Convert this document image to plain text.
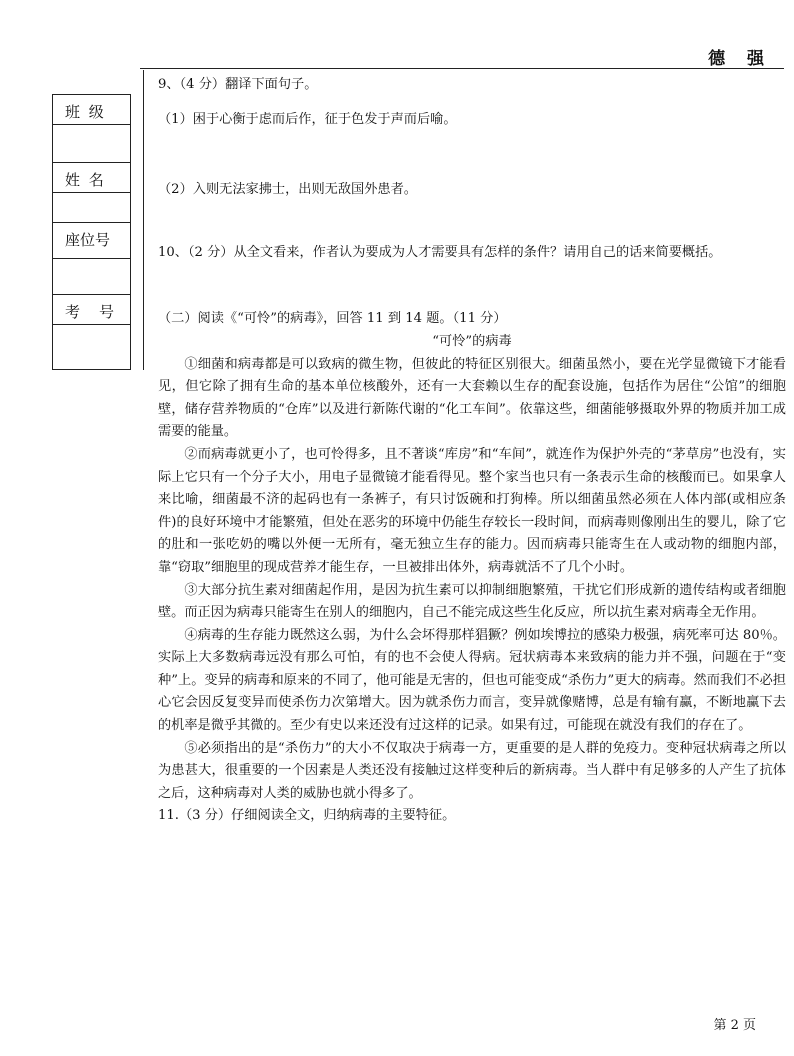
德 强
班 级
姓 名
座位号
考　号

9、（4 分）翻译下面句子。

（1）困于心衡于虑而后作，征于色发于声而后喻。

（2）入则无法家拂士，出则无敌国外患者。

10、（2 分）从全文看来，作者认为要成为人才需要具有怎样的条件？请用自己的话来简要概括。

（二）阅读《“可怜”的病毒》，回答 11 到 14 题。（11 分）

“可怜”的病毒

①细菌和病毒都是可以致病的微生物，但彼此的特征区别很大。细菌虽然小，要在光学显微镜下才能看见，但它除了拥有生命的基本单位核酸外，还有一大套赖以生存的配套设施，包括作为居住“公馆”的细胞壁，储存营养物质的“仓库”以及进行新陈代谢的“化工车间”。依靠这些，细菌能够摄取外界的物质并加工成需要的能量。

②而病毒就更小了，也可怜得多，且不著谈“库房”和“车间”，就连作为保护外壳的“茅草房”也没有，实际上它只有一个分子大小，用电子显微镜才能看得见。整个家当也只有一条表示生命的核酸而已。如果拿人来比喻，细菌最不济的起码也有一条裤子，有只讨饭碗和打狗棒。所以细菌虽然必须在人体内部(或相应条件)的良好环境中才能繁殖，但处在恶劣的环境中仍能生存较长一段时间，而病毒则像刚出生的婴儿，除了它的肚和一张吃奶的嘴以外便一无所有，毫无独立生存的能力。因而病毒只能寄生在人或动物的细胞内部，靠“窃取”细胞里的现成营养才能生存，一旦被排出体外，病毒就活不了几个小时。

③大部分抗生素对细菌起作用，是因为抗生素可以抑制细胞繁殖，干扰它们形成新的遗传结构或者细胞壁。而正因为病毒只能寄生在别人的细胞内，自己不能完成这些生化反应，所以抗生素对病毒全无作用。

④病毒的生存能力既然这么弱，为什么会坏得那样猖獗？例如埃博拉的感染力极强，病死率可达 80％。实际上大多数病毒远没有那么可怕，有的也不会使人得病。冠状病毒本来致病的能力并不强，问题在于“变种”上。变异的病毒和原来的不同了，他可能是无害的，但也可能变成“杀伤力”更大的病毒。然而我们不必担心它会因反复变异而使杀伤力次第增大。因为就杀伤力而言，变异就像赌博，总是有输有赢，不断地赢下去的机率是微乎其微的。至少有史以来还没有过这样的记录。如果有过，可能现在就没有我们的存在了。

⑤必须指出的是“杀伤力”的大小不仅取决于病毒一方，更重要的是人群的免疫力。变种冠状病毒之所以为患甚大，很重要的一个因素是人类还没有接触过这样变种后的新病毒。当人群中有足够多的人产生了抗体之后，这种病毒对人类的威胁也就小得多了。

11.（3 分）仔细阅读全文，归纳病毒的主要特征。

第 2 页
